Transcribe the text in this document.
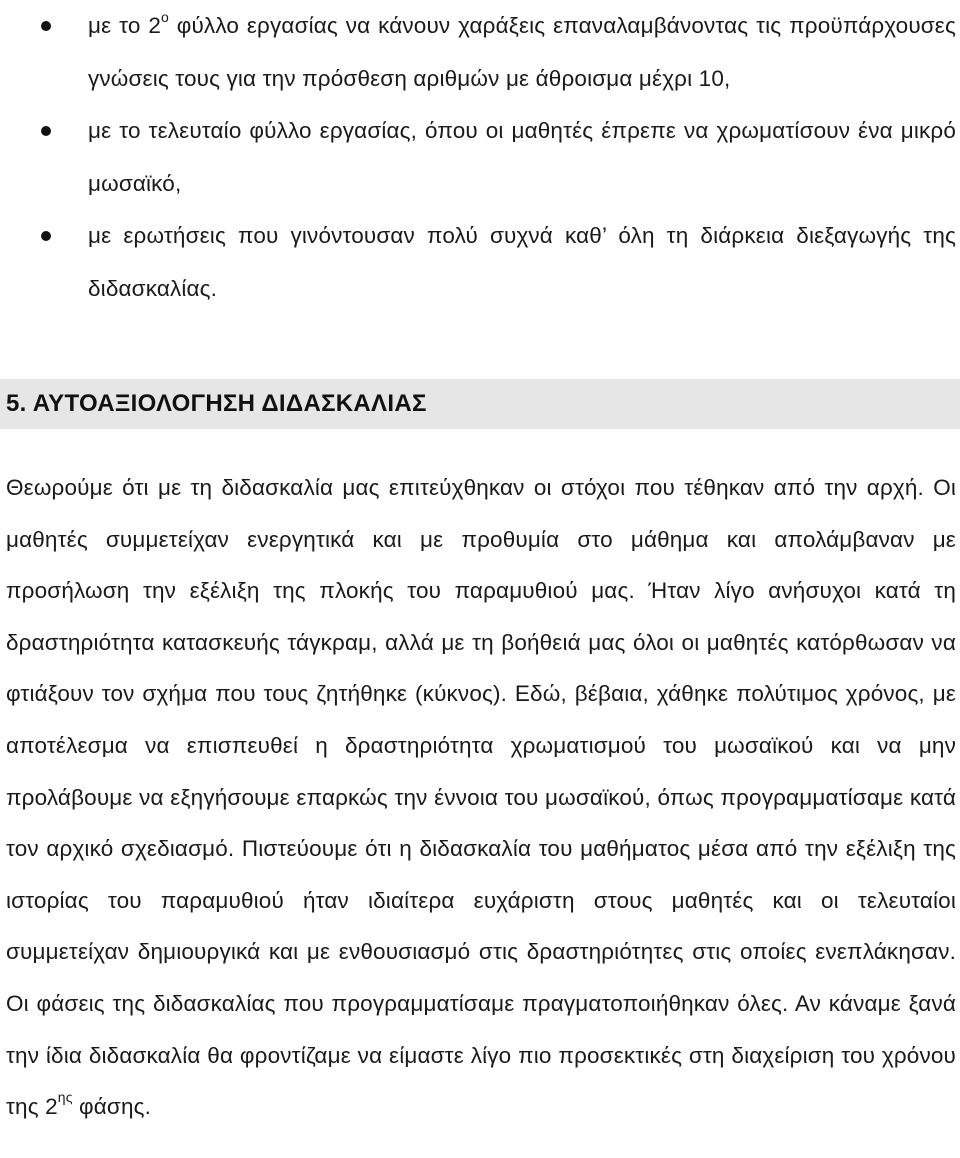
με το $2^o$ φύλλο εργασίας να κάνουν χαράξεις επαναλαμβάνοντας τις προϋπάρχουσες γνώσεις τους για την πρόσθεση αριθμών με άθροισμα μέχρι 10,
με το τελευταίο φύλλο εργασίας, όπου οι μαθητές έπρεπε να χρωματίσουν ένα μικρό μωσαϊκό,
με ερωτήσεις που γινόντουσαν πολύ συχνά καθ’ όλη τη διάρκεια διεξαγωγής της διδασκαλίας.
5. ΑΥΤΟΑΞΙΟΛΟΓΗΣΗ ΔΙΔΑΣΚΑΛΙΑΣ

Θεωρούμε ότι με τη διδασκαλία μας επιτεύχθηκαν οι στόχοι που τέθηκαν από την αρχή. Οι μαθητές συμμετείχαν ενεργητικά και με προθυμία στο μάθημα και απολάμβαναν με προσήλωση την εξέλιξη της πλοκής του παραμυθιού μας. Ήταν λίγο ανήσυχοι κατά τη δραστηριότητα κατασκευής τάγκραμ, αλλά με τη βοήθειά μας όλοι οι μαθητές κατόρθωσαν να φτιάξουν τον σχήμα που τους ζητήθηκε (κύκνος). Εδώ, βέβαια, χάθηκε πολύτιμος χρόνος, με αποτέλεσμα να επισπευθεί η δραστηριότητα χρωματισμού του μωσαϊκού και να μην προλάβουμε να εξηγήσουμε επαρκώς την έννοια του μωσαϊκού, όπως προγραμματίσαμε κατά τον αρχικό σχεδιασμό. Πιστεύουμε ότι η διδασκαλία του μαθήματος μέσα από την εξέλιξη της ιστορίας του παραμυθιού ήταν ιδιαίτερα ευχάριστη στους μαθητές και οι τελευταίοι συμμετείχαν δημιουργικά και με ενθουσιασμό στις δραστηριότητες στις οποίες ενεπλάκησαν. Οι φάσεις της διδασκαλίας που προγραμματίσαμε πραγματοποιήθηκαν όλες. Αν κάναμε ξανά την ίδια διδασκαλία θα φροντίζαμε να είμαστε λίγο πιο προσεκτικές στη διαχείριση του χρόνου της $2^{\eta\varsigma}$ φάσης.
